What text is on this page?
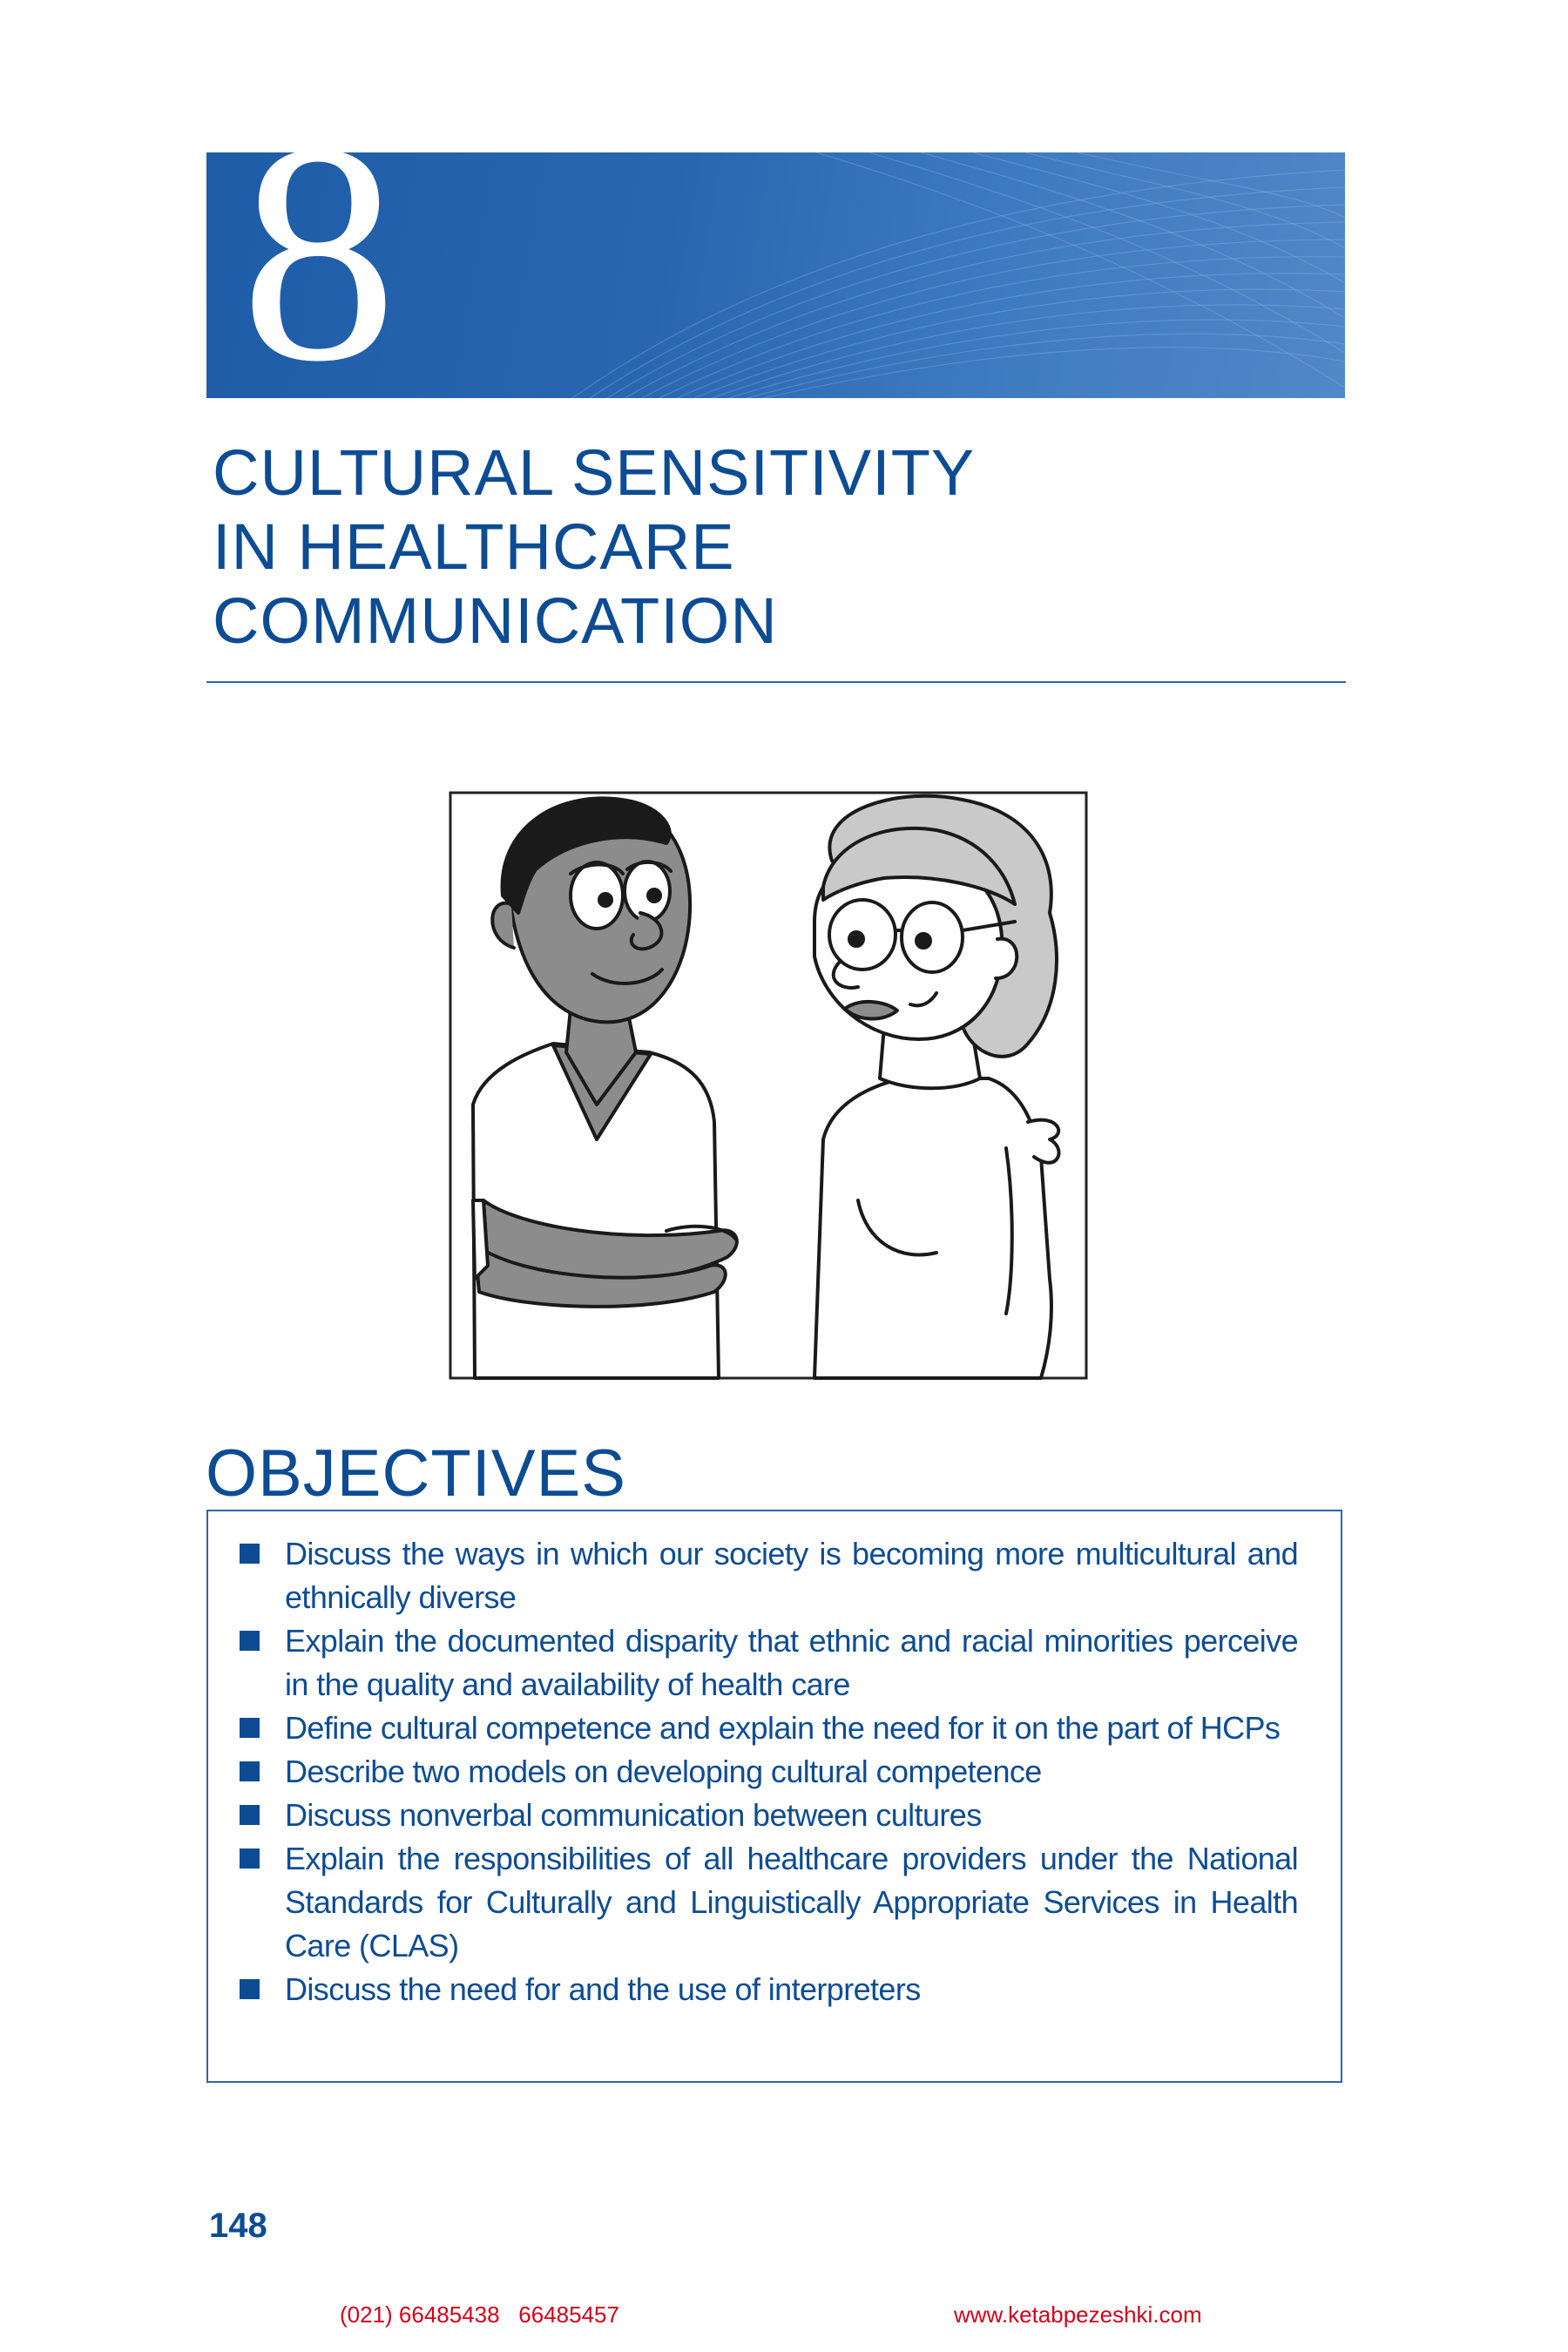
8
CULTURAL SENSITIVITY
IN HEALTHCARE
COMMUNICATION
OBJECTIVES
Discuss the ways in which our society is becoming more multicultural and ethnically diverse
Explain the documented disparity that ethnic and racial minorities perceive in the quality and availability of health care
Define cultural competence and explain the need for it on the part of HCPs
Describe two models on developing cultural competence
Discuss nonverbal communication between cultures
Explain the responsibilities of all healthcare providers under the National Standards for Culturally and Linguistically Appropriate Services in Health Care (CLAS)
Discuss the need for and the use of interpreters
148
(021) 66485438   66485457	www.ketabpezeshki.com
